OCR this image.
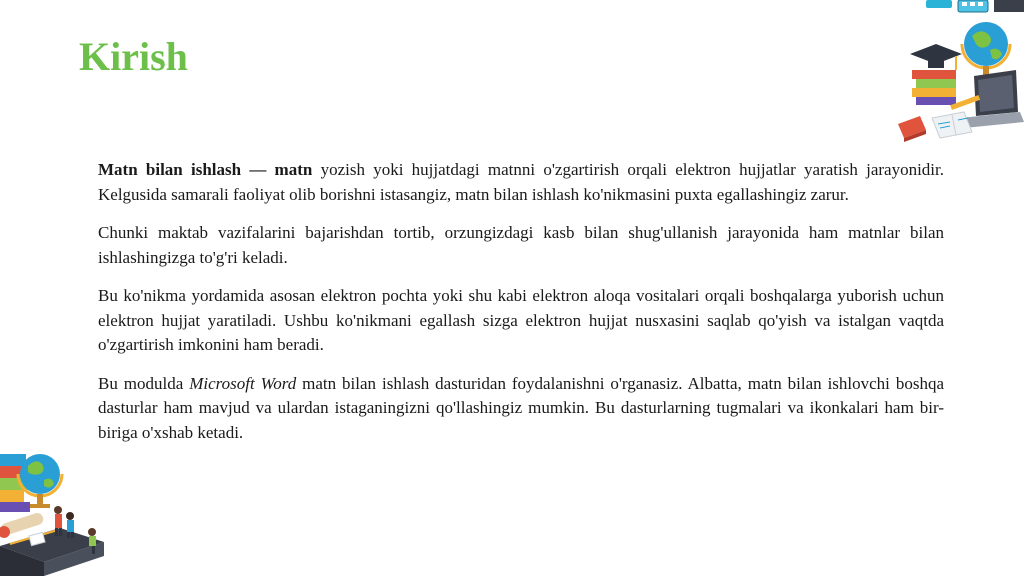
Kirish

Matn bilan ishlash — matn yozish yoki hujjatdagi matnni o'zgartirish orqali elektron hujjatlar yaratish jarayonidir. Kelgusida samarali faoliyat olib borishni istasangiz, matn bilan ishlash ko'nikmasini puxta egallashingiz zarur.

Chunki maktab vazifalarini bajarishdan tortib, orzungizdagi kasb bilan shug'ullanish jarayonida ham matnlar bilan ishlashingizga to'g'ri keladi.

Bu ko'nikma yordamida asosan elektron pochta yoki shu kabi elektron aloqa vositalari orqali boshqalarga yuborish uchun elektron hujjat yaratiladi. Ushbu ko'nikmani egallash sizga elektron hujjat nusxasini saqlab qo'yish va istalgan vaqtda o'zgartirish imkonini ham beradi.

Bu modulda Microsoft Word matn bilan ishlash dasturidan foydalanishni o'rganasiz. Albatta, matn bilan ishlovchi boshqa dasturlar ham mavjud va ulardan istaganingizni qo'llashingiz mumkin. Bu dasturlarning tugmalari va ikonkalari ham bir-biriga o'xshab ketadi.
